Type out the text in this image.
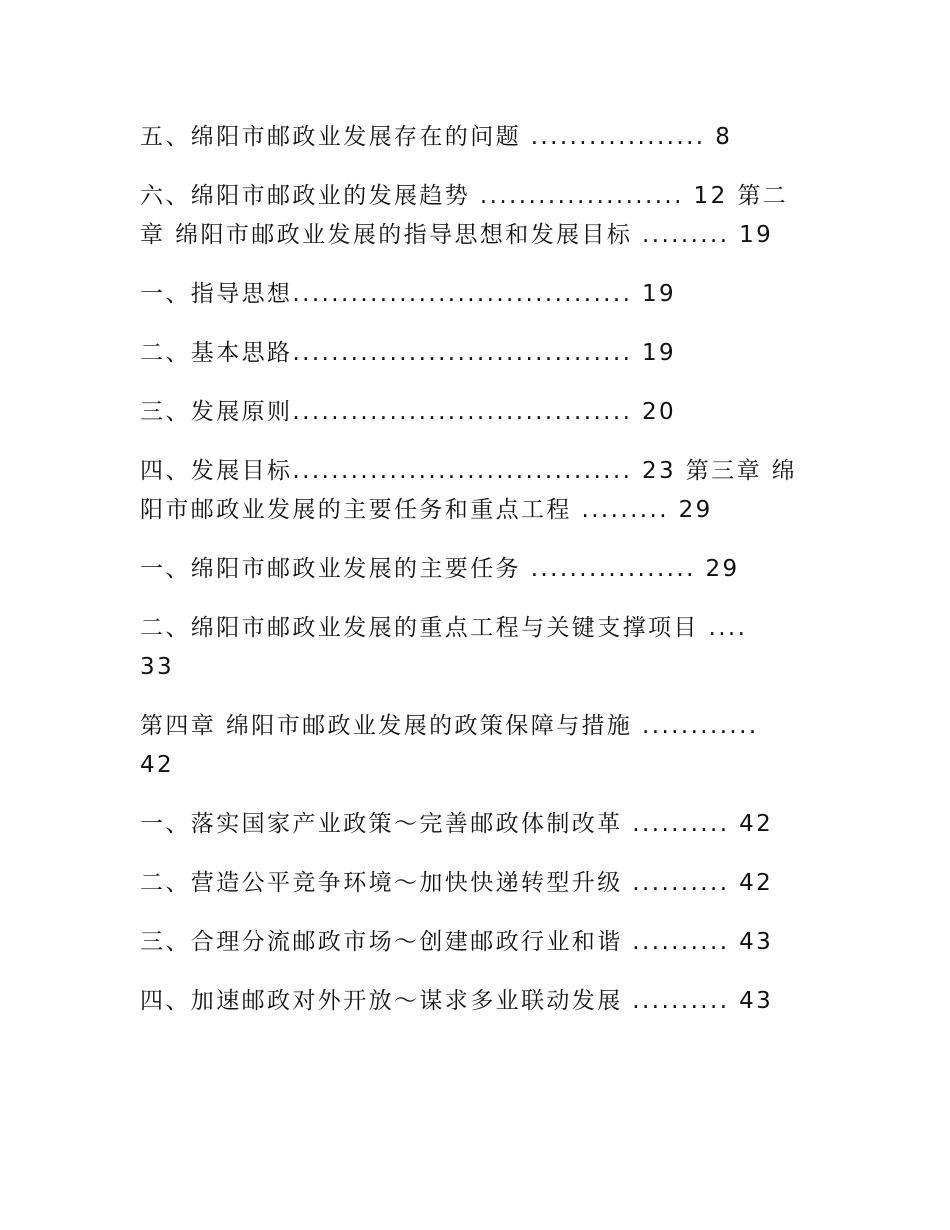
五、绵阳市邮政业发展存在的问题 .................. 8
六、绵阳市邮政业的发展趋势 ..................... 12 第二
章 绵阳市邮政业发展的指导思想和发展目标 ......... 19
一、指导思想................................... 19
二、基本思路................................... 19
三、发展原则................................... 20
四、发展目标................................... 23 第三章 绵
阳市邮政业发展的主要任务和重点工程 ......... 29
一、绵阳市邮政业发展的主要任务 ................. 29
二、绵阳市邮政业发展的重点工程与关键支撑项目 ....
33
第四章 绵阳市邮政业发展的政策保障与措施 ............
42
一、落实国家产业政策～完善邮政体制改革 .......... 42
二、营造公平竞争环境～加快快递转型升级 .......... 42
三、合理分流邮政市场～创建邮政行业和谐 .......... 43
四、加速邮政对外开放～谋求多业联动发展 .......... 43
